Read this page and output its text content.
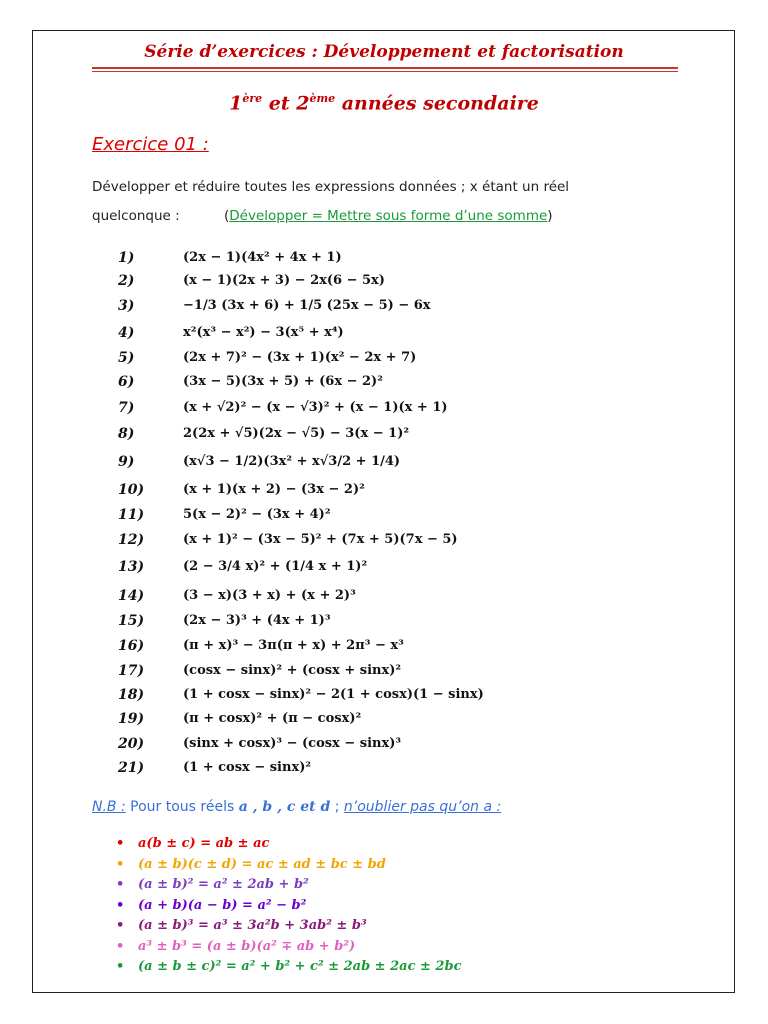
Série d’exercices : Développement et factorisation
1ère et 2ème années secondaire
Exercice 01 :
Développer et réduire toutes les expressions données ; x étant un réel
quelconque :	(Développer = Mettre sous forme d’une somme)
1)	(2x − 1)(4x² + 4x + 1)
2)	(x − 1)(2x + 3) − 2x(6 − 5x)
3)	−1/3 (3x + 6) + 1/5 (25x − 5) − 6x
4)	x²(x³ − x²) − 3(x⁵ + x⁴)
5)	(2x + 7)² − (3x + 1)(x² − 2x + 7)
6)	(3x − 5)(3x + 5) + (6x − 2)²
7)	(x + √2)² − (x − √3)² + (x − 1)(x + 1)
8)	2(2x + √5)(2x − √5) − 3(x − 1)²
9)	(x√3 − 1/2)(3x² + x√3/2 + 1/4)
10)	(x + 1)(x + 2) − (3x − 2)²
11)	5(x − 2)² − (3x + 4)²
12)	(x + 1)² − (3x − 5)² + (7x + 5)(7x − 5)
13)	(2 − 3/4 x)² + (1/4 x + 1)²
14)	(3 − x)(3 + x) + (x + 2)³
15)	(2x − 3)³ + (4x + 1)³
16)	(π + x)³ − 3π(π + x) + 2π³ − x³
17)	(cosx − sinx)² + (cosx + sinx)²
18)	(1 + cosx − sinx)² − 2(1 + cosx)(1 − sinx)
19)	(π + cosx)² + (π − cosx)²
20)	(sinx + cosx)³ − (cosx − sinx)³
21)	(1 + cosx − sinx)²
N.B : Pour tous réels a , b , c et d ; n’oublier pas qu’on a :
• a(b ± c) = ab ± ac
• (a ± b)(c ± d) = ac ± ad ± bc ± bd
• (a ± b)² = a² ± 2ab + b²
• (a + b)(a − b) = a² − b²
• (a ± b)³ = a³ ± 3a²b + 3ab² ± b³
• a³ ± b³ = (a ± b)(a² ∓ ab + b²)
• (a ± b ± c)² = a² + b² + c² ± 2ab ± 2ac ± 2bc
